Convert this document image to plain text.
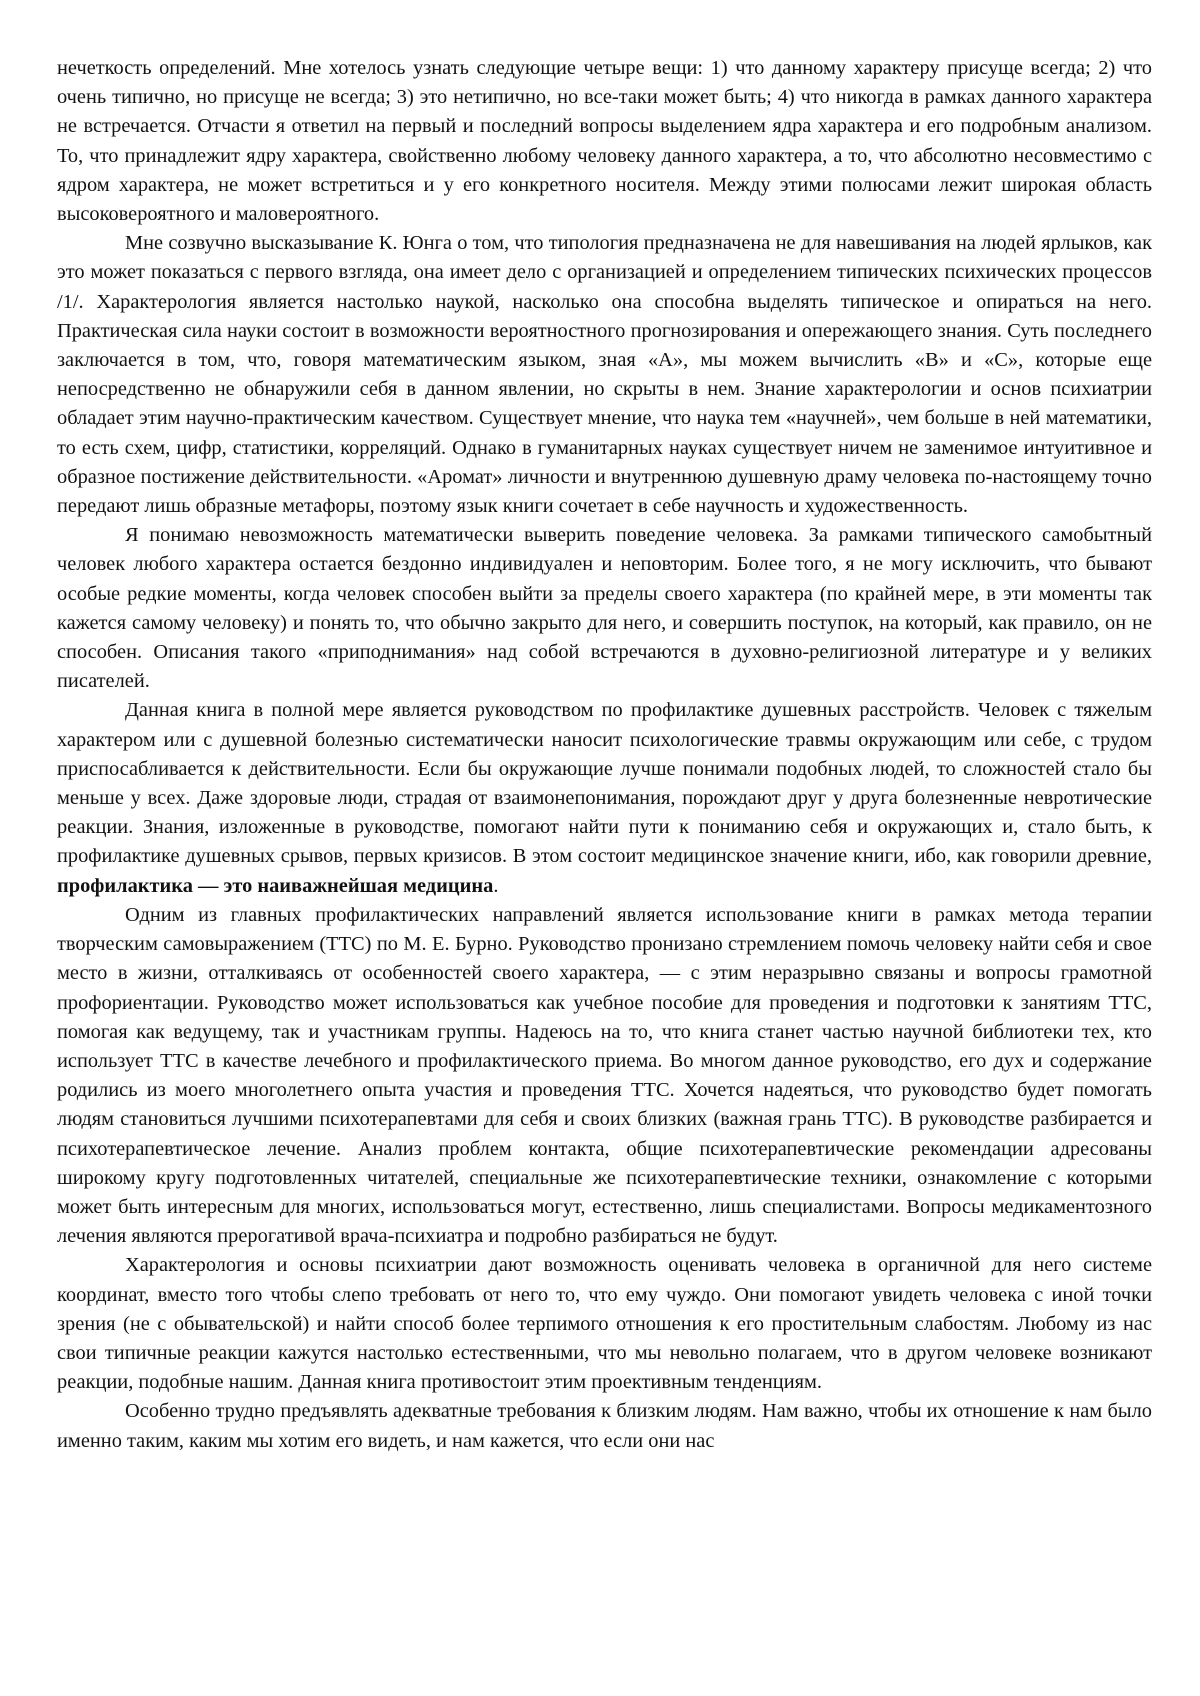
нечеткость определений. Мне хотелось узнать следующие четыре вещи: 1) что данному характеру присуще всегда; 2) что очень типично, но присуще не всегда; 3) это нетипично, но все-таки может быть; 4) что никогда в рамках данного характера не встречается. Отчасти я ответил на первый и последний вопросы выделением ядра характера и его подробным анализом. То, что принадлежит ядру характера, свойственно любому человеку данного характера, а то, что абсолютно несовместимо с ядром характера, не может встретиться и у его конкретного носителя. Между этими полюсами лежит широкая область высоковероятного и маловероятного.

Мне созвучно высказывание К. Юнга о том, что типология предназначена не для навешивания на людей ярлыков, как это может показаться с первого взгляда, она имеет дело с организацией и определением типических психических процессов /1/. Характерология является настолько наукой, насколько она способна выделять типическое и опираться на него. Практическая сила науки состоит в возможности вероятностного прогнозирования и опережающего знания. Суть последнего заключается в том, что, говоря математическим языком, зная «А», мы можем вычислить «В» и «С», которые еще непосредственно не обнаружили себя в данном явлении, но скрыты в нем. Знание характерологии и основ психиатрии обладает этим научно-практическим качеством. Существует мнение, что наука тем «научней», чем больше в ней математики, то есть схем, цифр, статистики, корреляций. Однако в гуманитарных науках существует ничем не заменимое интуитивное и образное постижение действительности. «Аромат» личности и внутреннюю душевную драму человека по-настоящему точно передают лишь образные метафоры, поэтому язык книги сочетает в себе научность и художественность.

Я понимаю невозможность математически выверить поведение человека. За рамками типического самобытный человек любого характера остается бездонно индивидуален и неповторим. Более того, я не могу исключить, что бывают особые редкие моменты, когда человек способен выйти за пределы своего характера (по крайней мере, в эти моменты так кажется самому человеку) и понять то, что обычно закрыто для него, и совершить поступок, на который, как правило, он не способен. Описания такого «приподнимания» над собой встречаются в духовно-религиозной литературе и у великих писателей.

Данная книга в полной мере является руководством по профилактике душевных расстройств. Человек с тяжелым характером или с душевной болезнью систематически наносит психологические травмы окружающим или себе, с трудом приспосабливается к действительности. Если бы окружающие лучше понимали подобных людей, то сложностей стало бы меньше у всех. Даже здоровые люди, страдая от взаимонепонимания, порождают друг у друга болезненные невротические реакции. Знания, изложенные в руководстве, помогают найти пути к пониманию себя и окружающих и, стало быть, к профилактике душевных срывов, первых кризисов. В этом состоит медицинское значение книги, ибо, как говорили древние, профилактика — это наиважнейшая медицина.

Одним из главных профилактических направлений является использование книги в рамках метода терапии творческим самовыражением (ТТС) по М. Е. Бурно. Руководство пронизано стремлением помочь человеку найти себя и свое место в жизни, отталкиваясь от особенностей своего характера, — с этим неразрывно связаны и вопросы грамотной профориентации. Руководство может использоваться как учебное пособие для проведения и подготовки к занятиям ТТС, помогая как ведущему, так и участникам группы. Надеюсь на то, что книга станет частью научной библиотеки тех, кто использует ТТС в качестве лечебного и профилактического приема. Во многом данное руководство, его дух и содержание родились из моего многолетнего опыта участия и проведения ТТС. Хочется надеяться, что руководство будет помогать людям становиться лучшими психотерапевтами для себя и своих близких (важная грань ТТС). В руководстве разбирается и психотерапевтическое лечение. Анализ проблем контакта, общие психотерапевтические рекомендации адресованы широкому кругу подготовленных читателей, специальные же психотерапевтические техники, ознакомление с которыми может быть интересным для многих, использоваться могут, естественно, лишь специалистами. Вопросы медикаментозного лечения являются прерогативой врача-психиатра и подробно разбираться не будут.

Характерология и основы психиатрии дают возможность оценивать человека в органичной для него системе координат, вместо того чтобы слепо требовать от него то, что ему чуждо. Они помогают увидеть человека с иной точки зрения (не с обывательской) и найти способ более терпимого отношения к его простительным слабостям. Любому из нас свои типичные реакции кажутся настолько естественными, что мы невольно полагаем, что в другом человеке возникают реакции, подобные нашим. Данная книга противостоит этим проективным тенденциям.

Особенно трудно предъявлять адекватные требования к близким людям. Нам важно, чтобы их отношение к нам было именно таким, каким мы хотим его видеть, и нам кажется, что если они нас
